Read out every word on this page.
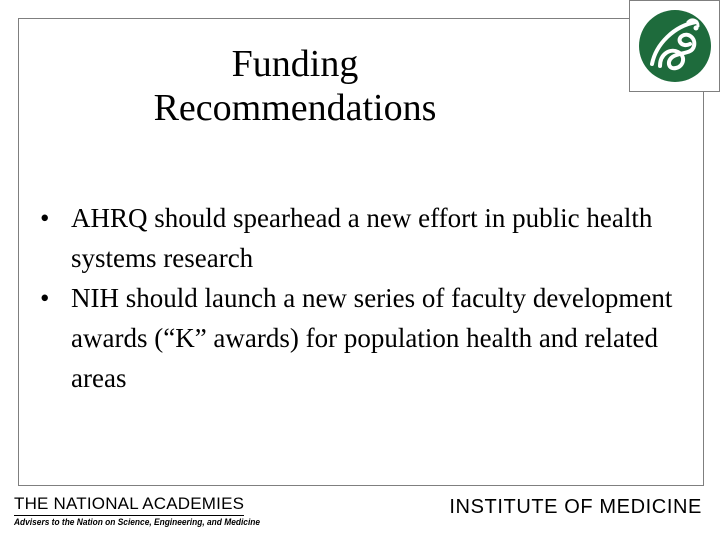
Funding
Recommendations
• AHRQ should spearhead a new effort in public health systems research
• NIH should launch a new series of faculty development awards (“K” awards) for population health and related areas
THE NATIONAL ACADEMIES
Advisers to the Nation on Science, Engineering, and Medicine
INSTITUTE OF MEDICINE
